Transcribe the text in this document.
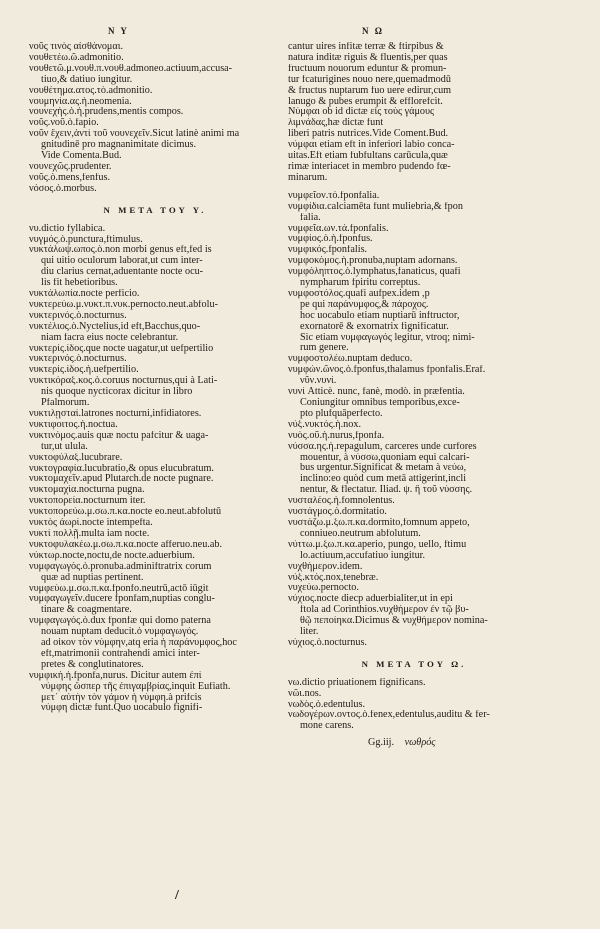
Ν Υ	Ν Ω
νοῦς τινὸς αἰσθάνομαι.
νουθετέω.ῶ.admonitio.
νουθετῶ.μ.νουθ.π.νουθ.admoneo.actiuum,accusa-
tiuo,& datiuo iungitur.
νουθέτημα.ατος.τὸ.admonitio.
νουμηνία.ας.ἡ.neomenia.
νουνεχής.ὁ.ἡ.prudens,mentis compos.
νοῦς.νοῦ.ὁ.fapio.
νοῦν ἔχειν,ἀντὶ τοῦ νουνεχεῖν.Sicut latinè animi ma
gnitudinē pro magnanimitate dicimus.
Vide Comenta.Bud.
νουνεχῶς.prudenter.
νοῦς.ὁ.mens,fenfus.
νόσος.ὁ.morbus.
Ν ΜΕΤΑ ΤΟΥ Υ.
νυ.dictio fyllabica.
νυγμός.ὁ.punctura,ftimulus.
νυκτάλωψ.ωπος.ὁ.non morbi genus eft,fed is
qui uitio oculorum laborat,ut cum inter-
diu clarius cernat,aduentante nocte ocu-
lis fit hebetioribus.
νυκτάλωπία.nocte perficio.
νυκτερεύω.μ.νυκτ.π.νυκ.pernocto.neut.abfolu-
νυκτερινός.ὁ.nocturnus.
νυκτέλιος.ὁ.Nyctelius,id eft,Bacchus,quo-
niam facra eius nocte celebrantur.
νυκτερίς.ίδος.que nocte uagatur,ut uefpertilio
νυκτερινός.ὁ.nocturnus.
νυκτερίς.ίδος.ἡ.uefpertilio.
νυκτικόραξ.κος.ὁ.coruus nocturnus,qui à Lati-
nis quoque nycticorax dicitur in libro
Pfalmorum.
νυκτιλῃσταί.latrones nocturni,infidiatores.
νυκτιφοιτος.ἡ.noctua.
νυκτινόμος.auis quæ noctu pafcitur & uaga-
tur,ut ulula.
νυκτοφύλαξ.lucubrare.
νυκτογραφία.lucubratio,& opus elucubratum.
νυκτομαχεῖν.apud Plutarch.de nocte pugnare.
νυκτομαχία.nocturna pugna.
νυκτοπορεία.nocturnum iter.
νυκτοπορεύω.μ.σω.π.κα.nocte eo.neut.abfolutū
νυκτὸς ἀωρὶ.nocte intempefta.
νυκτὶ πολλῇ.multa iam nocte.
νυκτοφυλακέω.μ.σω.π.κα.nocte afferuo.neu.ab.
νύκτωρ.nocte,noctu,de nocte.aduerbium.
νυμφαγωγός.ὁ.pronuba.adminiftratrix corum
quæ ad nuptias pertinent.
νυμφεύω.μ.σω.π.κα.fponfo.neutrū,actō iūgit
νυμφαγωγεῖν.ducere fponfam,nuptias conglu-
tinare & coagmentare.
νυμφαγωγός.ὁ.dux fponfæ qui domo paterna
nouam nuptam deducit.ὁ νυμφαγωγός.
ad οἶκον τὸν νύμφην,atq eria ἡ παράνυμφος,hoc
eft,matrimonii contrahendi amici inter-
pretes & conglutinatores.
νυμφικὴ.ἡ.fponfa,nurus. Dicitur autem ἐπὶ
νύμφης ὥσπερ τῆς ἐπιγαμβρίας,inquit Eufiath.
μετ᾽ αὐτὴν τὸν γάμον ἡ νύμφη.à prifcis
νύμφη dictæ funt.Quo uocabulo fignifi-
cantur uires infitæ terræ & ftirpibus &
natura inditæ riguis & fluentis,per quas
fructuum nouorum eduntur & promun-
tur fcaturigines nouo nere,quemadmodū
& fructus nuptarum fuo uere edirur,cum
lanugo & pubes erumpit & efflorefcit.
Νύμφαι ob id dictæ εἰς τοὺς γάμους
λιμνάδας,hæ dictæ funt
liberi patris nutrices.Vide Coment.Bud.
νύμφαι etiam eft in inferiori labio conca-
uitas.Eft etiam fubfultans carūcula,quæ
rimæ interiacet in membro pudendo fœ-
minarum.
νυμφεῖον.τό.fponfalia.
νυμφίδια.calciamēta funt muliebria,& fpon
falia.
νυμφεῖα.ων.τά.fponfalis.
νυμφίος.ὁ.ἡ.fponfus.
νυμφικός.fponfalis.
νυμφοκόμος.ἡ.pronuba,nuptam adornans.
νυμφόληπτος.ὁ.lymphatus,fanaticus, quafi
nympharum fpiritu correptus.
νυμφοστόλος.quafi aufpex.idem ,p
pe qui παράνυμφος,& πάροχος.
hoc uocabulo etiam nuptiarū inftructor,
exornatorē & exornatrix fignificatur.
Sic etiam νυμφαγωγός legitur, vtroq; nimi-
rum genere.
νυμφοστολέω.nuptam deduco.
νυμφών.ῶνος.ὁ.fponfus,thalamus fponfalis.Eraf.
νῦν.νυνί.
νυνί Atticè. nunc, fanè, modò. in præfentia.
Coniungitur omnibus temporibus,exce-
pto plufquāperfecto.
νύξ.νυκτός.ἡ.nox.
νυὸς.οῦ.ἡ.nurus,fponfa.
νύσσα.ης.ἡ.repagulum, carceres unde curfores
mouentur, à νύσσω,quoniam equi calcari-
bus urgentur.Significat & metam à νεύω,
inclino:eo quòd cum metā attigerint,incli
nentur, & flectatur. Iliad. ψ. ἢ τοῦ νύσσης.
νυσταλέος.ἡ.fomnolentus.
νυστάγμος.ὁ.dormitatio.
νυστάζω.μ.ξω.π.κα.dormito,fomnum appeto,
conniueo.neutrum abfolutum.
νύττω.μ.ξω.π.κα.aperio, pungo, uello, ftimu
lo.actiuum,accufatiuo iungitur.
νυχθήμερον.idem.
νύξ.κτός.nox,tenebræ.
νυχεύω.pernocto.
νύχιος.nocte diecp aduerbialiter,ut in epi
ftola ad Corinthios.νυχθήμερον ἐν τῷ βυ-
θῷ πεποίηκα.Dicimus & νυχθήμερον nomina-
liter.
νύχιος.ὁ.nocturnus.
Ν ΜΕΤΑ ΤΟΥ Ω.
νω.dictio priuationem fignificans.
νῶι.nos.
νωδὸς.ὁ.edentulus.
νωδογέρων.οντος.ὁ.fenex,edentulus,auditu & fer-
mone carens.
Gg.iij. νωθρός
/
